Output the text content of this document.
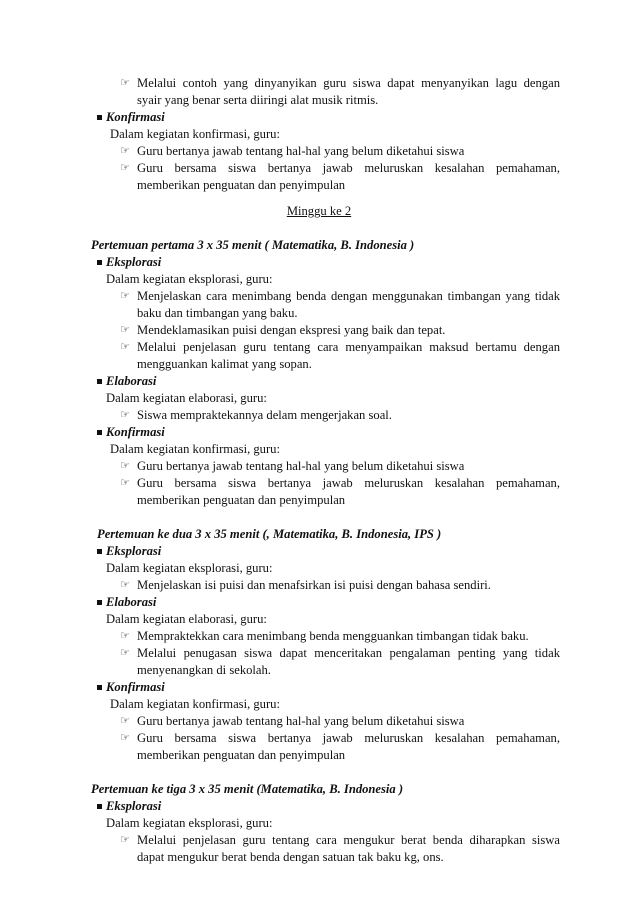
☞ Melalui contoh yang dinyanyikan guru siswa dapat menyanyikan lagu dengan
syair yang benar serta diiringi alat musik ritmis.
Konfirmasi
Dalam kegiatan konfirmasi, guru:
☞ Guru bertanya jawab tentang hal-hal yang belum diketahui siswa
☞ Guru bersama siswa bertanya jawab meluruskan kesalahan pemahaman,
memberikan penguatan dan penyimpulan
Minggu ke 2
Pertemuan pertama 3 x 35 menit ( Matematika, B. Indonesia )
Eksplorasi
Dalam kegiatan eksplorasi, guru:
☞ Menjelaskan cara menimbang benda dengan menggunakan timbangan yang tidak
baku dan timbangan yang baku.
☞ Mendeklamasikan puisi dengan ekspresi yang baik dan tepat.
☞ Melalui penjelasan guru tentang cara menyampaikan maksud bertamu dengan
mengguankan kalimat yang sopan.
Elaborasi
Dalam kegiatan elaborasi, guru:
☞ Siswa mempraktekannya delam mengerjakan soal.
Konfirmasi
Dalam kegiatan konfirmasi, guru:
☞ Guru bertanya jawab tentang hal-hal yang belum diketahui siswa
☞ Guru bersama siswa bertanya jawab meluruskan kesalahan pemahaman,
memberikan penguatan dan penyimpulan
Pertemuan ke dua 3 x 35 menit (, Matematika, B. Indonesia, IPS )
Eksplorasi
Dalam kegiatan eksplorasi, guru:
☞ Menjelaskan isi puisi dan menafsirkan isi puisi dengan bahasa sendiri.
Elaborasi
Dalam kegiatan elaborasi, guru:
☞ Mempraktekkan cara menimbang benda mengguankan timbangan tidak baku.
☞ Melalui penugasan siswa dapat menceritakan pengalaman penting yang tidak
menyenangkan di sekolah.
Konfirmasi
Dalam kegiatan konfirmasi, guru:
☞ Guru bertanya jawab tentang hal-hal yang belum diketahui siswa
☞ Guru bersama siswa bertanya jawab meluruskan kesalahan pemahaman,
memberikan penguatan dan penyimpulan
Pertemuan ke tiga 3 x 35 menit (Matematika, B. Indonesia )
Eksplorasi
Dalam kegiatan eksplorasi, guru:
☞ Melalui penjelasan guru tentang cara mengukur berat benda diharapkan siswa
dapat mengukur berat benda dengan satuan tak baku kg, ons.
